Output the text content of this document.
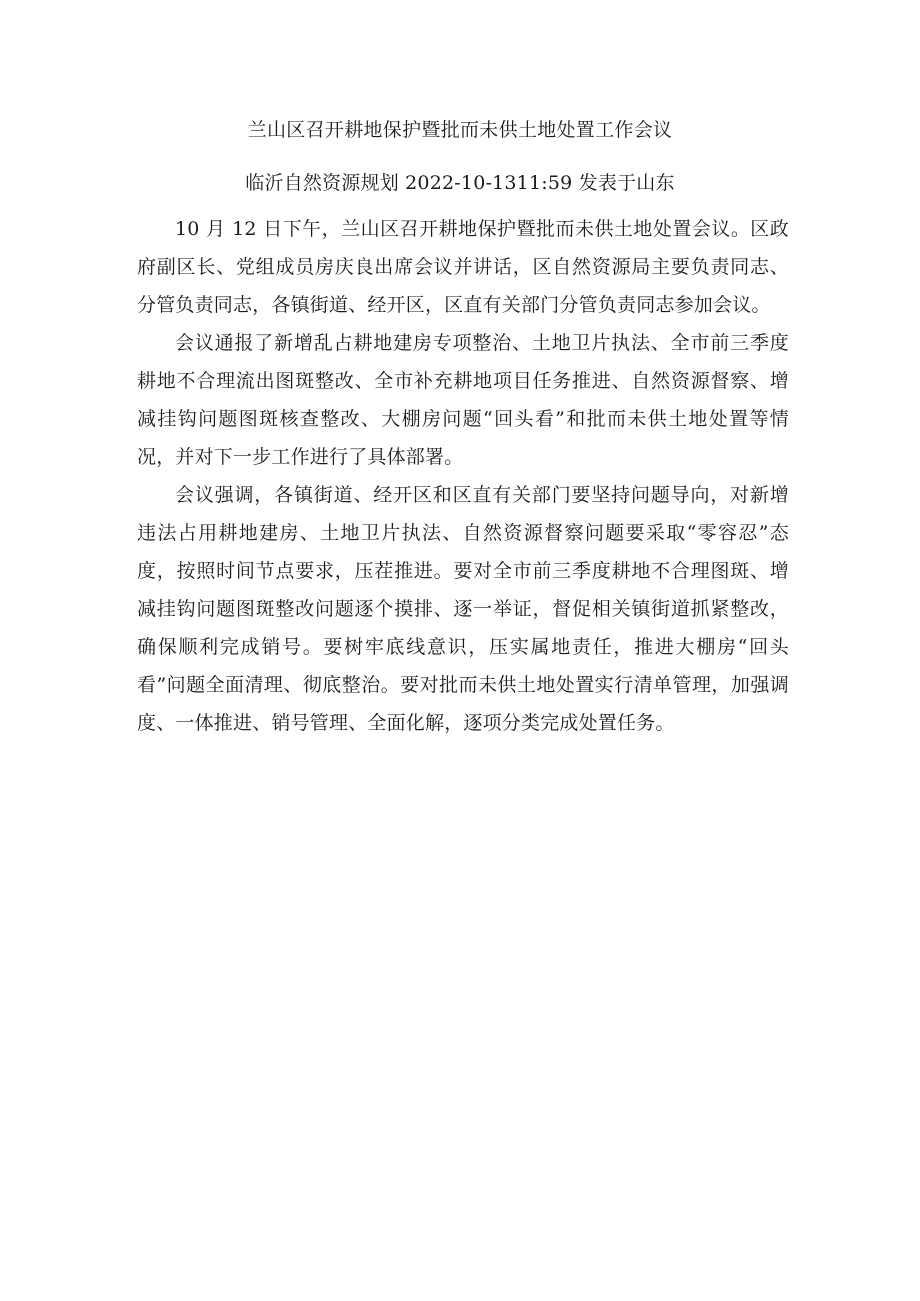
兰山区召开耕地保护暨批而未供土地处置工作会议
临沂自然资源规划 2022-10-1311:59 发表于山东

10 月 12 日下午，兰山区召开耕地保护暨批而未供土地处置会议。区政府副区长、党组成员房庆良出席会议并讲话，区自然资源局主要负责同志、分管负责同志，各镇街道、经开区，区直有关部门分管负责同志参加会议。

会议通报了新增乱占耕地建房专项整治、土地卫片执法、全市前三季度耕地不合理流出图斑整改、全市补充耕地项目任务推进、自然资源督察、增减挂钩问题图斑核查整改、大棚房问题“回头看”和批而未供土地处置等情况，并对下一步工作进行了具体部署。

会议强调，各镇街道、经开区和区直有关部门要坚持问题导向，对新增违法占用耕地建房、土地卫片执法、自然资源督察问题要采取“零容忍”态度，按照时间节点要求，压茬推进。要对全市前三季度耕地不合理图斑、增减挂钩问题图斑整改问题逐个摸排、逐一举证，督促相关镇街道抓紧整改，确保顺利完成销号。要树牢底线意识，压实属地责任，推进大棚房“回头看”问题全面清理、彻底整治。要对批而未供土地处置实行清单管理，加强调度、一体推进、销号管理、全面化解，逐项分类完成处置任务。
